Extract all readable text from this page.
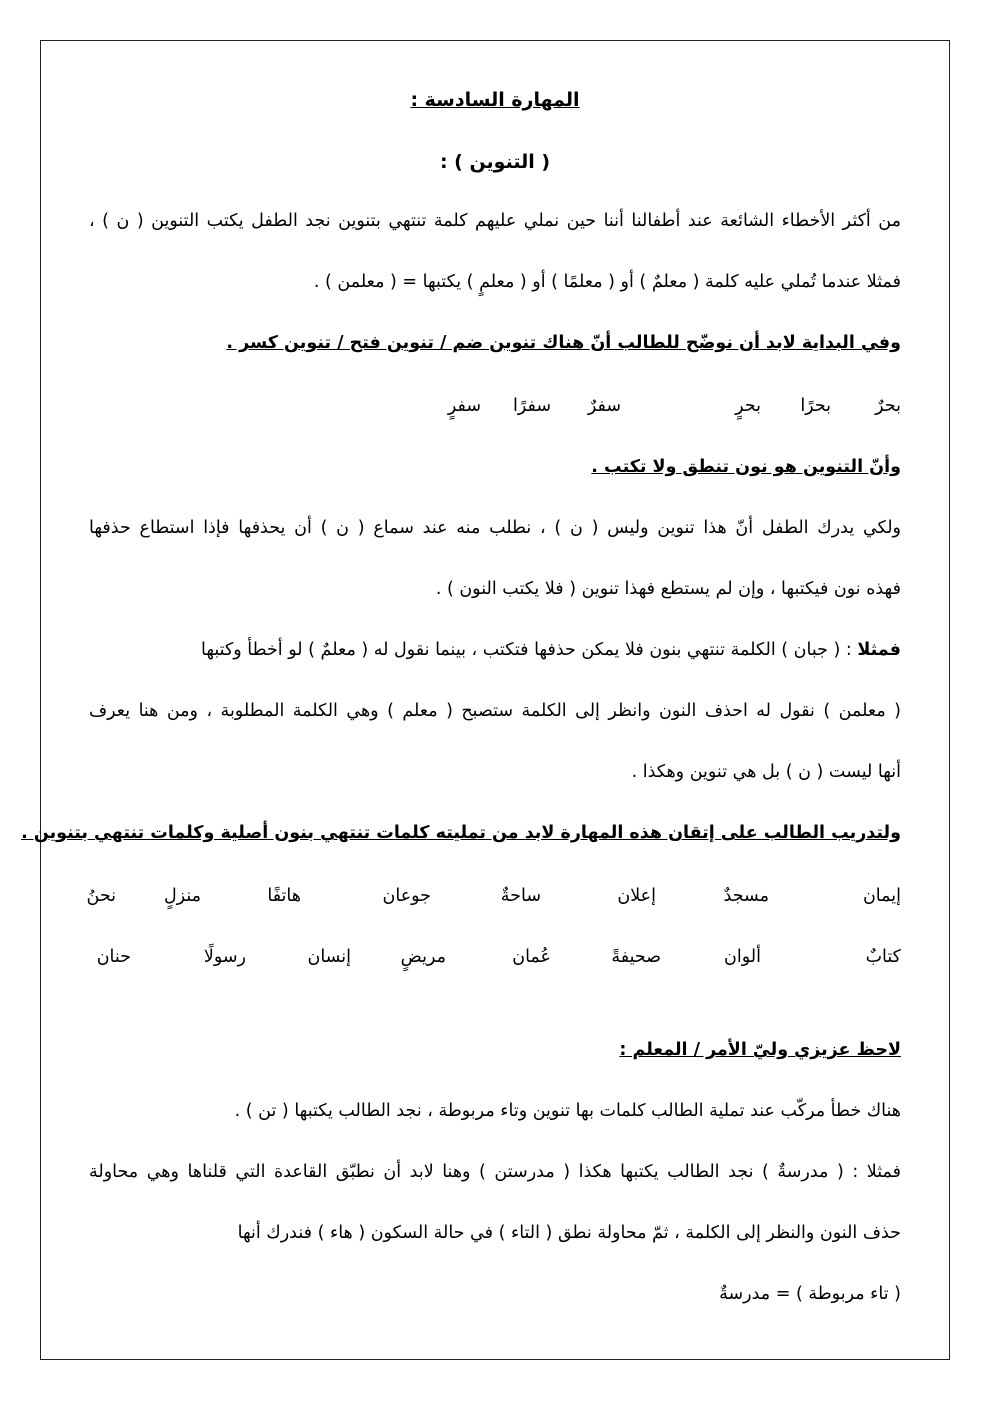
المهارة السادسة :
( التنوين ) :
من أكثر الأخطاء الشائعة عند أطفالنا أننا حين نملي عليهم كلمة تنتهي بتنوين نجد الطفل يكتب التنوين ( ن ) ،
فمثلا عندما تُملي عليه كلمة ( معلمٌ ) أو ( معلمًا ) أو ( معلمٍ ) يكتبها = ( معلمن ) .
وفي البداية لابد أن نوضّح للطالب أنّ هناك تنوين ضم / تنوين فتح / تنوين كسر .
بحرٌ
بحرًا
بحرٍ
سفرٌ
سفرًا
سفرٍ
وأنّ التنوين هو نون تنطق ولا تكتب .
ولكي يدرك الطفل أنّ هذا تنوين وليس ( ن ) ، نطلب منه عند سماع ( ن ) أن يحذفها فإذا استطاع حذفها
فهذه نون فيكتبها ، وإن لم يستطع فهذا تنوين ( فلا يكتب النون ) .
فمثلا : ( جبان ) الكلمة تنتهي بنون فلا يمكن حذفها فتكتب ، بينما نقول له ( معلمٌ ) لو أخطأ وكتبها
( معلمن ) نقول له احذف النون وانظر إلى الكلمة ستصبح ( معلم ) وهي الكلمة المطلوبة ، ومن هنا يعرف
أنها ليست ( ن ) بل هي تنوين وهكذا .
ولتدريب الطالب على إتقان هذه المهارة لابد من تمليته كلمات تنتهي بنون أصلية وكلمات تنتهي بتنوين .
إيمان
مسجدٌ
إعلان
ساحةٌ
جوعان
هاتفًا
منزلٍ
نحنُ
كتابٌ
ألوان
صحيفةً
عُمان
مريضٍ
إنسان
رسولًا
حنان
لاحظ عزيزي وليّ الأمر / المعلم :
هناك خطأ مركّب عند تملية الطالب كلمات بها تنوين وتاء مربوطة ، نجد الطالب يكتبها ( تن ) .
فمثلا : ( مدرسةٌ ) نجد الطالب يكتبها هكذا ( مدرستن ) وهنا لابد أن نطبّق القاعدة التي قلناها وهي محاولة
حذف النون والنظر إلى الكلمة ، ثمّ محاولة نطق ( التاء ) في حالة السكون ( هاء ) فندرك أنها
( تاء مربوطة ) = مدرسةٌ
